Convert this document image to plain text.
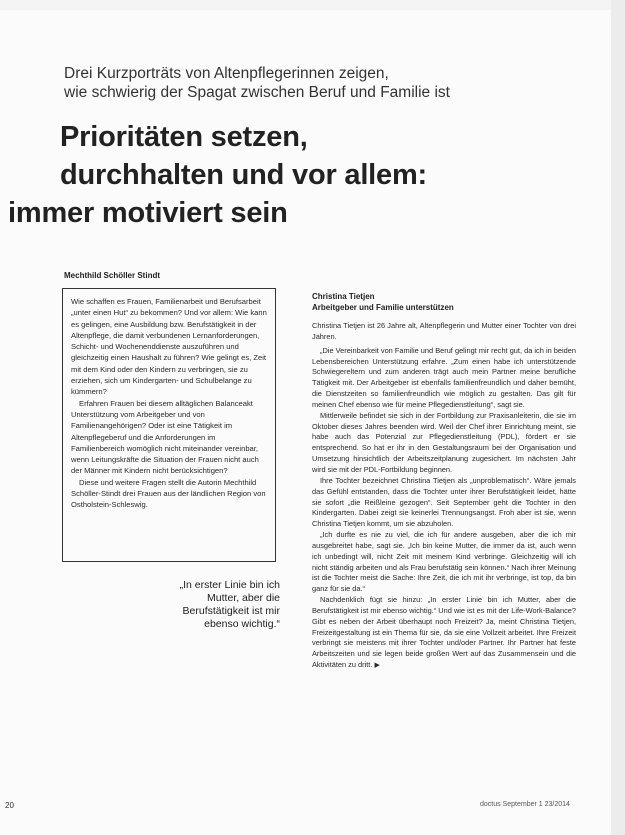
Drei Kurzporträts von Altenpflegerinnen zeigen,
wie schwierig der Spagat zwischen Beruf und Familie ist
Prioritäten setzen,
durchhalten und vor allem:
immer motiviert sein
Mechthild Schöller Stindt

Wie schaffen es Frauen, Familienarbeit und Berufsarbeit „unter einen Hut“ zu bekommen? Und vor allem: Wie kann es gelingen, eine Ausbildung bzw. Berufstätigkeit in der Altenpflege, die damit verbundenen Lernanforderungen, Schicht- und Wochenenddienste auszuführen und gleichzeitig einen Haushalt zu führen? Wie gelingt es, Zeit mit dem Kind oder den Kindern zu verbringen, sie zu erziehen, sich um Kindergarten- und Schulbelange zu kümmern?

Erfahren Frauen bei diesem alltäglichen Balanceakt Unterstützung vom Arbeitgeber und von Familienangehörigen? Oder ist eine Tätigkeit im Altenpflegeberuf und die Anforderungen im Familienbereich womöglich nicht miteinander vereinbar, wenn Leitungskräfte die Situation der Frauen nicht auch der Männer mit Kindern nicht berücksichtigen?

Diese und weitere Fragen stellt die Autorin Mechthild Schöller-Stindt drei Frauen aus der ländlichen Region von Ostholstein-Schleswig.

„In erster Linie bin ich
Mutter, aber die
Berufstätigkeit ist mir
ebenso wichtig.“

Christina Tietjen

Arbeitgeber und Familie unterstützen

Christina Tietjen ist 26 Jahre alt, Altenpflegerin und Mutter einer Tochter von drei Jahren.

„Die Vereinbarkeit von Familie und Beruf gelingt mir recht gut, da ich in beiden Lebensbereichen Unterstützung erfahre. „Zum einen habe ich unterstützende Schwiegereltern und zum anderen trägt auch mein Partner meine berufliche Tätigkeit mit. Der Arbeitgeber ist ebenfalls familienfreundlich und daher bemüht, die Dienstzeiten so familienfreundlich wie möglich zu gestalten. Das gilt für meinen Chef ebenso wie für meine Pflegedienstleitung“, sagt sie.

Mittlerweile befindet sie sich in der Fortbildung zur Praxisanleiterin, die sie im Oktober dieses Jahres beenden wird. Weil der Chef ihrer Einrichtung meint, sie habe auch das Potenzial zur Pflegedienstleitung (PDL), fördert er sie entsprechend. So hat er ihr in den Gestaltungsraum bei der Organisation und Umsetzung hinsichtlich der Arbeitszeitplanung zugesichert. Im nächsten Jahr wird sie mit der PDL-Fortbildung beginnen.

Ihre Tochter bezeichnet Christina Tietjen als „unproblematisch“. Wäre jemals das Gefühl entstanden, dass die Tochter unter ihrer Berufstätigkeit leidet, hätte sie sofort „die Reißleine gezogen“. Seit September geht die Tochter in den Kindergarten. Dabei zeigt sie keinerlei Trennungsangst. Froh aber ist sie, wenn Christina Tietjen kommt, um sie abzuholen.

„Ich durfte es nie zu viel, die ich für andere ausgeben, aber die ich mir ausgebreitet habe, sagt sie. „Ich bin keine Mutter, die immer da ist, auch wenn ich unbedingt will, nicht Zeit mit meinem Kind verbringe. Gleichzeitig will ich nicht ständig arbeiten und als Frau berufstätig sein können.“ Nach ihrer Meinung ist die Tochter meist die Sache: Ihre Zeit, die ich mit ihr verbringe, ist top, da bin ganz für sie da.“

Nachdenklich fügt sie hinzu: „In erster Linie bin ich Mutter, aber die Berufstätigkeit ist mir ebenso wichtig.“ Und wie ist es mit der Life-Work-Balance? Gibt es neben der Arbeit überhaupt noch Freizeit? Ja, meint Christina Tietjen, Freizeitgestaltung ist ein Thema für sie, da sie eine Vollzeit arbeitet. Ihre Freizeit verbringt sie meistens mit ihrer Tochter und/oder Partner. Ihr Partner hat feste Arbeitszeiten und sie legen beide großen Wert auf das Zusammensein und die Aktivitäten zu dritt. ▶

20	doctus September 1 23/2014
